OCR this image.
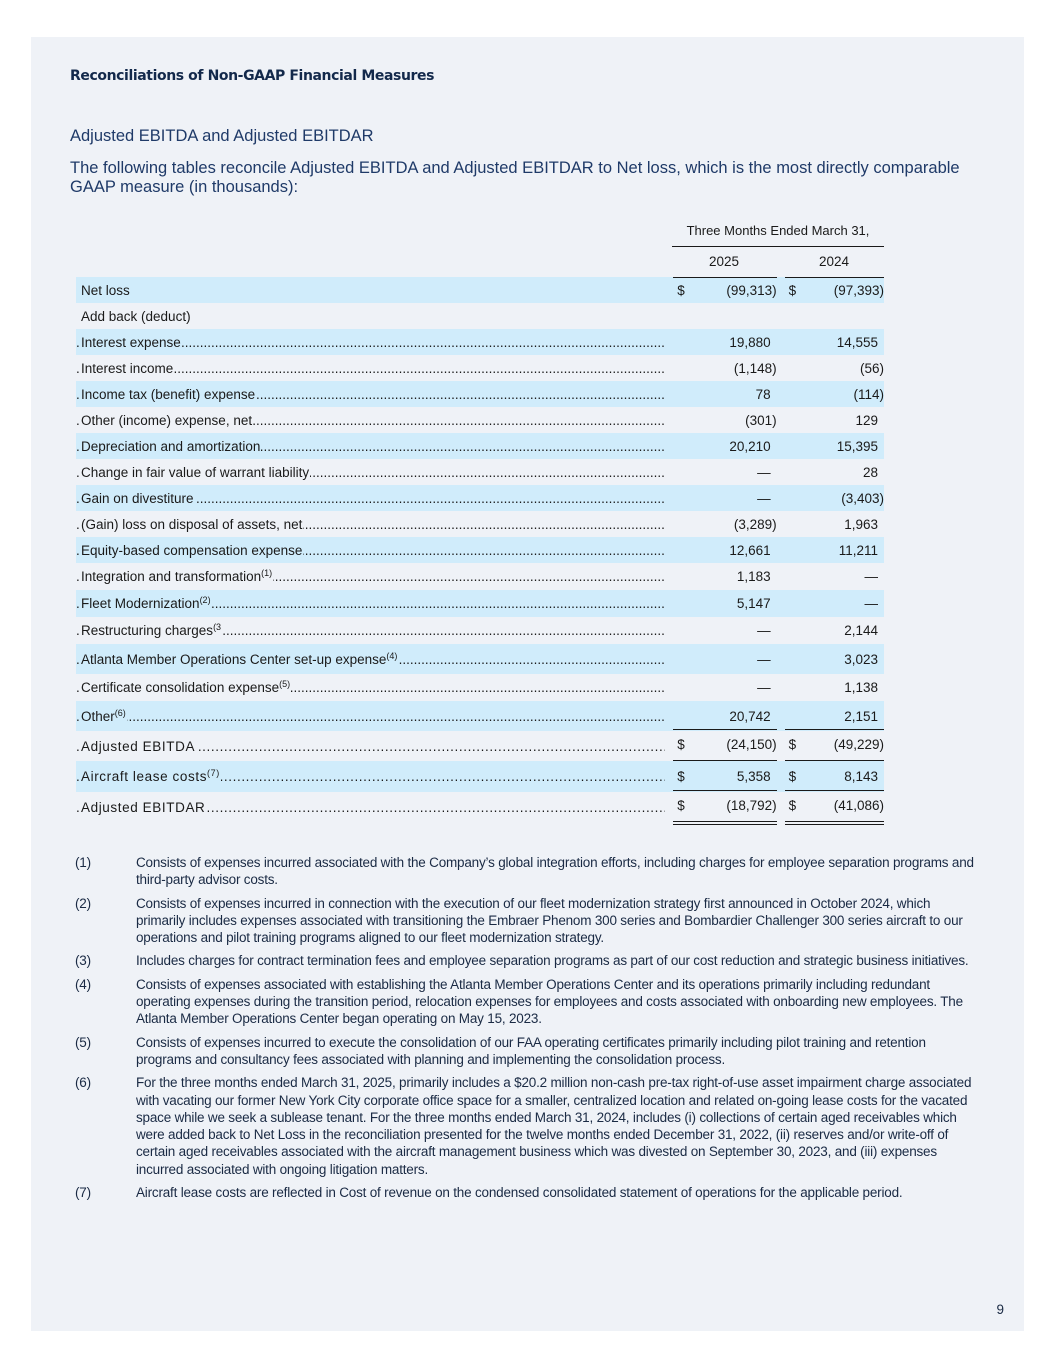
Reconciliations of Non-GAAP Financial Measures
Adjusted EBITDA and Adjusted EBITDAR
The following tables reconcile Adjusted EBITDA and Adjusted EBITDAR to Net loss, which is the most directly comparable GAAP measure (in thousands):
Three Months Ended March 31,
2025	2024
Net loss	$	(99,313) $	(97,393)
Add back (deduct)
Interest expense .....	19,880	14,555
Interest income .....	(1,148)	(56)
Income tax (benefit) expense .....	78	(114)
Other (income) expense, net .....	(301)	129
Depreciation and amortization .....	20,210	15,395
Change in fair value of warrant liability .....	—	28
Gain on divestiture .....	—	(3,403)
(Gain) loss on disposal of assets, net .....	(3,289)	1,963
Equity-based compensation expense .....	12,661	11,211
Integration and transformation$^{(1)}$ .....	1,183	—
Fleet Modernization$^{(2)}$ .....	5,147	—
Restructuring charges$^{(3}$ .....	—	2,144
Atlanta Member Operations Center set-up expense$^{(4)}$ .....	—	3,023
Certificate consolidation expense$^{(5)}$ .....	—	1,138
Other$^{(6)}$ .....	20,742	2,151
Adjusted EBITDA .....	$	(24,150) $	(49,229)
Aircraft lease costs$^{(7)}$ .....	$	5,358	$	8,143
Adjusted EBITDAR .....	$	(18,792) $	(41,086)
(1)	Consists of expenses incurred associated with the Company’s global integration efforts, including charges for employee separation programs and third-party advisor costs.
(2)	Consists of expenses incurred in connection with the execution of our fleet modernization strategy first announced in October 2024, which primarily includes expenses associated with transitioning the Embraer Phenom 300 series and Bombardier Challenger 300 series aircraft to our operations and pilot training programs aligned to our fleet modernization strategy.
(3)	Includes charges for contract termination fees and employee separation programs as part of our cost reduction and strategic business initiatives.
(4)	Consists of expenses associated with establishing the Atlanta Member Operations Center and its operations primarily including redundant operating expenses during the transition period, relocation expenses for employees and costs associated with onboarding new employees. The Atlanta Member Operations Center began operating on May 15, 2023.
(5)	Consists of expenses incurred to execute the consolidation of our FAA operating certificates primarily including pilot training and retention programs and consultancy fees associated with planning and implementing the consolidation process.
(6)	For the three months ended March 31, 2025, primarily includes a $20.2 million non-cash pre-tax right-of-use asset impairment charge associated with vacating our former New York City corporate office space for a smaller, centralized location and related on-going lease costs for the vacated space while we seek a sublease tenant. For the three months ended March 31, 2024, includes (i) collections of certain aged receivables which were added back to Net Loss in the reconciliation presented for the twelve months ended December 31, 2022, (ii) reserves and/or write-off of certain aged receivables associated with the aircraft management business which was divested on September 30, 2023, and (iii) expenses incurred associated with ongoing litigation matters.
(7)	Aircraft lease costs are reflected in Cost of revenue on the condensed consolidated statement of operations for the applicable period.
9
